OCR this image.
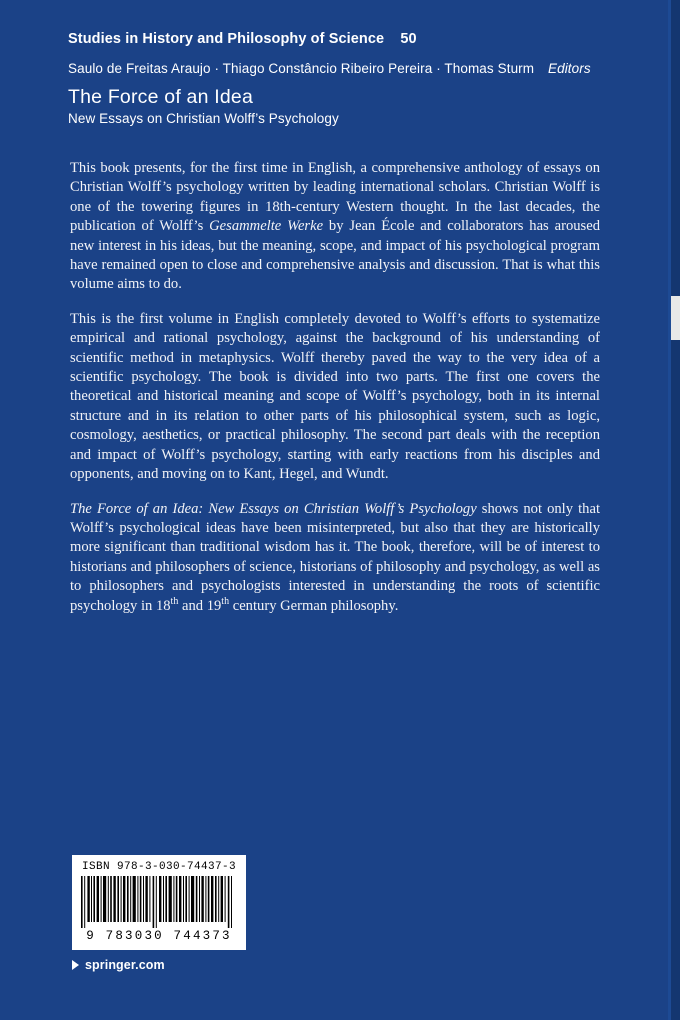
Studies in History and Philosophy of Science 50
Saulo de Freitas Araujo · Thiago Constâncio Ribeiro Pereira · Thomas Sturm Editors
The Force of an Idea
New Essays on Christian Wolff’s Psychology

This book presents, for the first time in English, a comprehensive anthology of essays on Christian Wolff’s psychology written by leading international scholars. Christian Wolff is one of the towering figures in 18th-century Western thought. In the last decades, the publication of Wolff’s Gesammelte Werke by Jean École and collaborators has aroused new interest in his ideas, but the meaning, scope, and impact of his psychological program have remained open to close and comprehensive analysis and discussion. That is what this volume aims to do.

This is the first volume in English completely devoted to Wolff’s efforts to systematize empirical and rational psychology, against the background of his understanding of scientific method in metaphysics. Wolff thereby paved the way to the very idea of a scientific psychology. The book is divided into two parts. The first one covers the theoretical and historical meaning and scope of Wolff’s psychology, both in its internal structure and in its relation to other parts of his philosophical system, such as logic, cosmology, aesthetics, or practical philosophy. The second part deals with the reception and impact of Wolff’s psychology, starting with early reactions from his disciples and opponents, and moving on to Kant, Hegel, and Wundt.

The Force of an Idea: New Essays on Christian Wolff’s Psychology shows not only that Wolff’s psychological ideas have been misinterpreted, but also that they are historically more significant than traditional wisdom has it. The book, therefore, will be of interest to historians and philosophers of science, historians of philosophy and psychology, as well as to philosophers and psychologists interested in understanding the roots of scientific psychology in 18th and 19th century German philosophy.

ISBN 978-3-030-74437-3
9 783030 744373
springer.com
